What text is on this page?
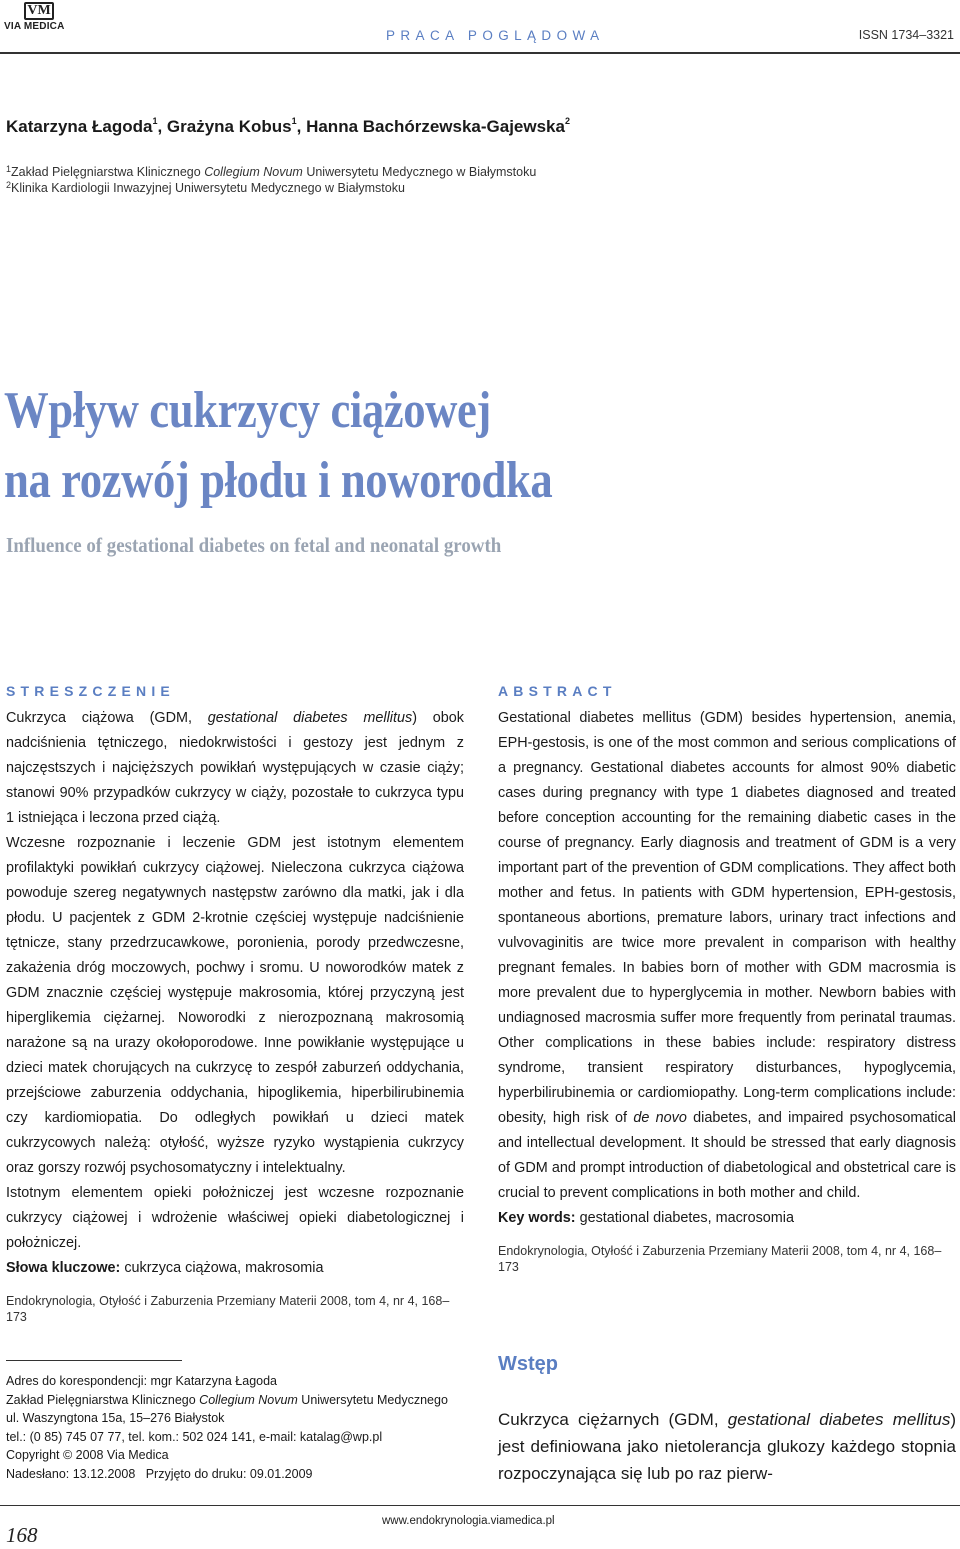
VM
VIA MEDICA
PRACA POGLĄDOWA	ISSN 1734–3321
Katarzyna Łagoda$^1$, Grażyna Kobus$^1$, Hanna Bachórzewska-Gajewska$^2$
$^1$Zakład Pielęgniarstwa Klinicznego Collegium Novum Uniwersytetu Medycznego w Białymstoku
$^2$Klinika Kardiologii Inwazyjnej Uniwersytetu Medycznego w Białymstoku
Wpływ cukrzycy ciążowej
na rozwój płodu i noworodka
Influence of gestational diabetes on fetal and neonatal growth
STRESZCZENIE

Cukrzyca ciążowa (GDM, gestational diabetes mellitus) obok nadciśnienia tętniczego, niedokrwistości i gestozy jest jednym z najczęstszych i najcięższych powikłań występujących w czasie ciąży; stanowi 90% przypadków cukrzycy w ciąży, pozostałe to cukrzyca typu 1 istniejąca i leczona przed ciążą.

Wczesne rozpoznanie i leczenie GDM jest istotnym elementem profilaktyki powikłań cukrzycy ciążowej. Nieleczona cukrzyca ciążowa powoduje szereg negatywnych następstw zarówno dla matki, jak i dla płodu. U pacjentek z GDM 2-krotnie częściej występuje nadciśnienie tętnicze, stany przedrzucawkowe, poronienia, porody przedwczesne, zakażenia dróg moczowych, pochwy i sromu. U noworodków matek z GDM znacznie częściej występuje makrosomia, której przyczyną jest hiperglikemia ciężarnej. Noworodki z nierozpoznaną makrosomią narażone są na urazy okołoporodowe. Inne powikłanie występujące u dzieci matek chorujących na cukrzycę to zespół zaburzeń oddychania, przejściowe zaburzenia oddychania, hipoglikemia, hiperbilirubinemia czy kardiomiopatia. Do odległych powikłań u dzieci matek cukrzycowych należą: otyłość, wyższe ryzyko wystąpienia cukrzycy oraz gorszy rozwój psychosomatyczny i intelektualny.

Istotnym elementem opieki położniczej jest wczesne rozpoznanie cukrzycy ciążowej i wdrożenie właściwej opieki diabetologicznej i położniczej.

Słowa kluczowe: cukrzyca ciążowa, makrosomia

Endokrynologia, Otyłość i Zaburzenia Przemiany Materii 2008, tom 4, nr 4, 168–173

ABSTRACT

Gestational diabetes mellitus (GDM) besides hypertension, anemia, EPH-gestosis, is one of the most common and serious complications of a pregnancy. Gestational diabetes accounts for almost 90% diabetic cases during pregnancy with type 1 diabetes diagnosed and treated before conception accounting for the remaining diabetic cases in the course of pregnancy. Early diagnosis and treatment of GDM is a very important part of the prevention of GDM complications. They affect both mother and fetus. In patients with GDM hypertension, EPH-gestosis, spontaneous abortions, premature labors, urinary tract infections and vulvovaginitis are twice more prevalent in comparison with healthy pregnant females. In babies born of mother with GDM macrosmia is more prevalent due to hyperglycemia in mother. Newborn babies with undiagnosed macrosmia suffer more frequently from perinatal traumas. Other complications in these babies include: respiratory distress syndrome, transient respiratory disturbances, hypoglycemia, hyperbilirubinemia or cardiomiopathy. Long-term complications include: obesity, high risk of de novo diabetes, and impaired psychosomatical and intellectual development. It should be stressed that early diagnosis of GDM and prompt introduction of diabetological and obstetrical care is crucial to prevent complications in both mother and child.

Key words: gestational diabetes, macrosomia

Endokrynologia, Otyłość i Zaburzenia Przemiany Materii 2008, tom 4, nr 4, 168–173

Adres do korespondencji: mgr Katarzyna Łagoda
Zakład Pielęgniarstwa Klinicznego Collegium Novum Uniwersytetu Medycznego
ul. Waszyngtona 15a, 15–276 Białystok
tel.: (0 85) 745 07 77, tel. kom.: 502 024 141, e-mail: katalag@wp.pl
Copyright © 2008 Via Medica
Nadesłano: 13.12.2008   Przyjęto do druku: 09.01.2009
Wstęp

Cukrzyca ciężarnych (GDM, gestational diabetes mellitus) jest definiowana jako nietolerancja glukozy każdego stopnia rozpoczynająca się lub po raz pierw-

168
www.endokrynologia.viamedica.pl
